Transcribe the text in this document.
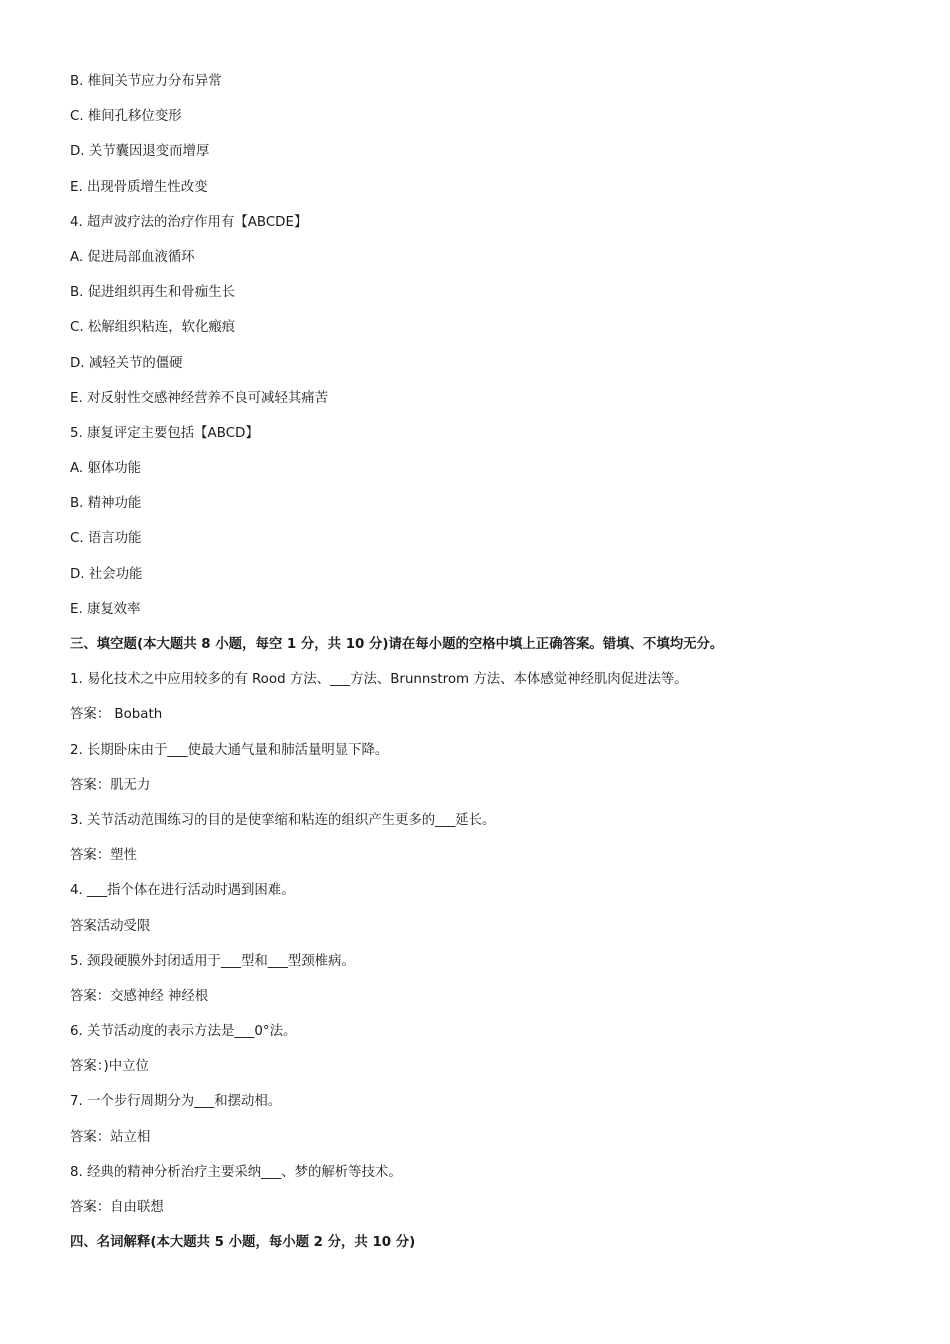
B. 椎间关节应力分布异常
C. 椎间孔移位变形
D. 关节囊因退变而增厚
E. 出现骨质增生性改变
4. 超声波疗法的治疗作用有【ABCDE】
A. 促进局部血液循环
B. 促进组织再生和骨痂生长
C. 松解组织粘连，软化瘢痕
D. 减轻关节的僵硬
E. 对反射性交感神经营养不良可减轻其痛苦
5. 康复评定主要包括【ABCD】
A. 躯体功能
B. 精神功能
C. 语言功能
D. 社会功能
E. 康复效率
三、填空题(本大题共 8 小题，每空 1 分，共 10 分)请在每小题的空格中填上正确答案。错填、不填均无分。
1. 易化技术之中应用较多的有 Rood 方法、___方法、Brunnstrom 方法、本体感觉神经肌肉促进法等。
答案： Bobath
2. 长期卧床由于___使最大通气量和肺活量明显下降。
答案：肌无力
3. 关节活动范围练习的目的是使挛缩和粘连的组织产生更多的___延长。
答案：塑性
4. ___指个体在进行活动时遇到困难。
答案活动受限
5. 颈段硬膜外封闭适用于___型和___型颈椎病。
答案：交感神经 神经根
6. 关节活动度的表示方法是___0°法。
答案：)中立位
7. 一个步行周期分为___和摆动相。
答案：站立相
8. 经典的精神分析治疗主要采纳___、梦的解析等技术。
答案：自由联想
四、名词解释(本大题共 5 小题，每小题 2 分，共 10 分)
